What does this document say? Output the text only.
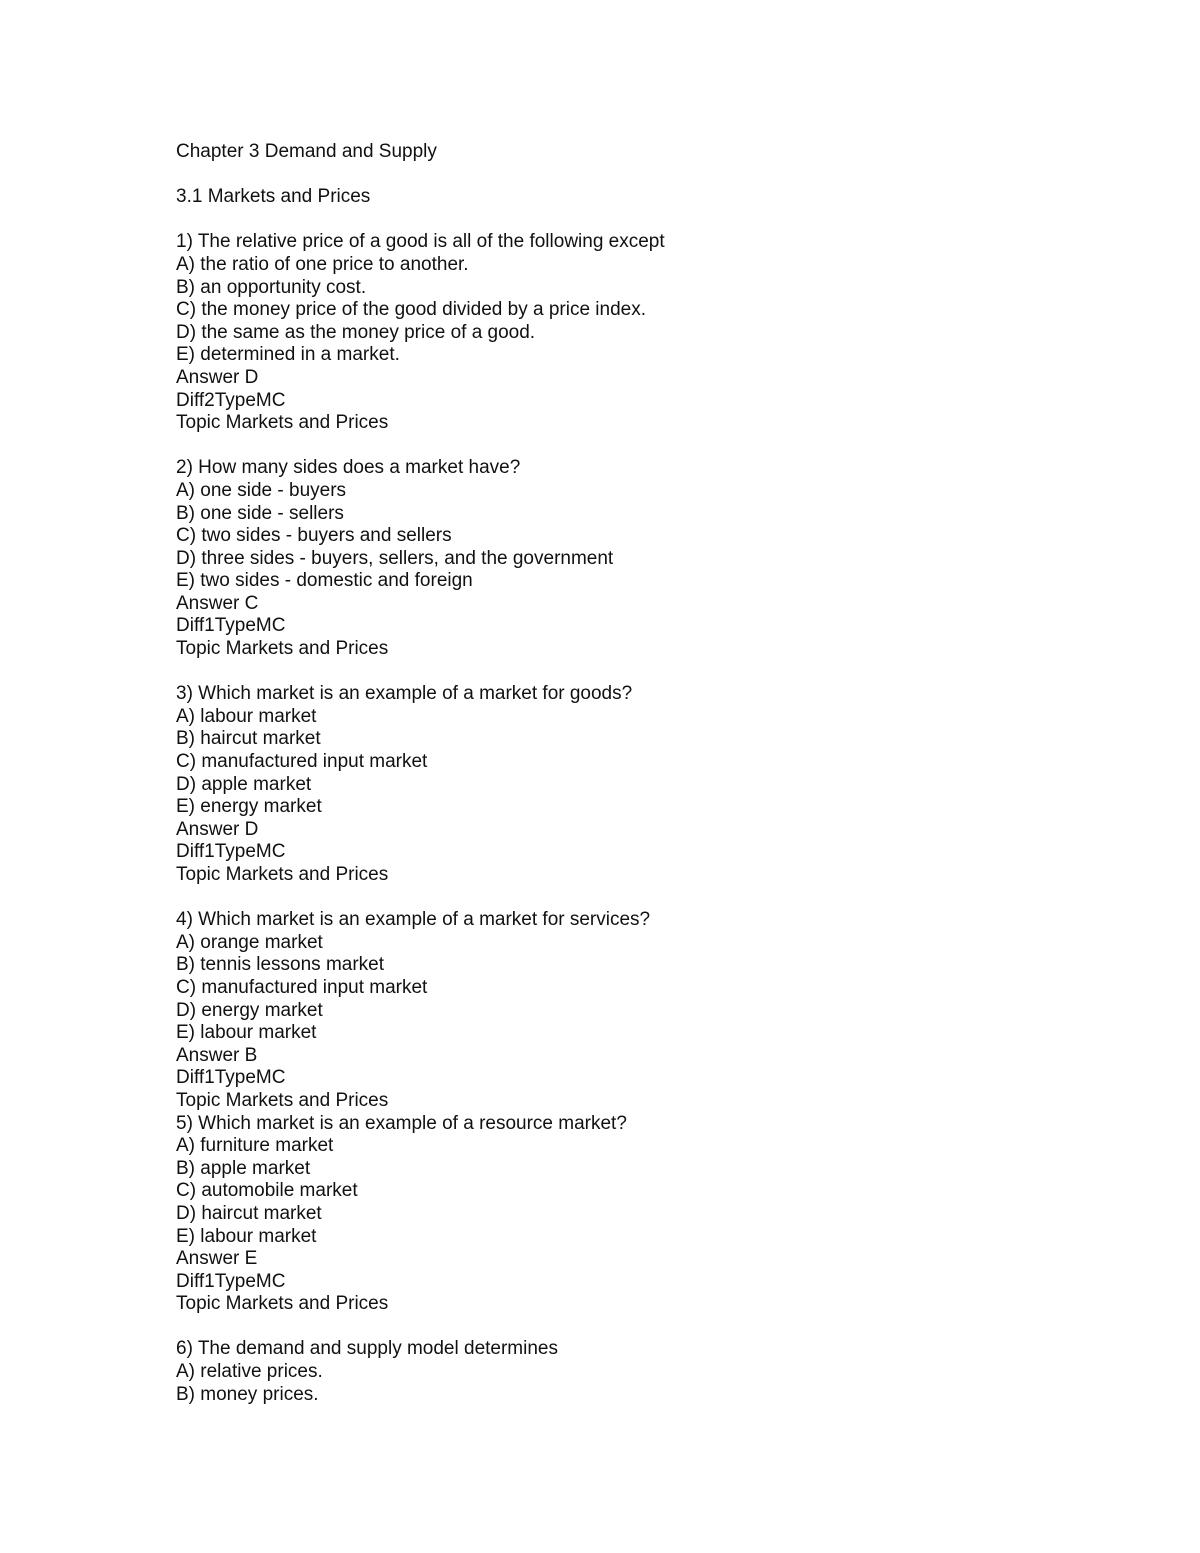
Chapter 3 Demand and Supply
3.1 Markets and Prices
1) The relative price of a good is all of the following except
A) the ratio of one price to another.
B) an opportunity cost.
C) the money price of the good divided by a price index.
D) the same as the money price of a good.
E) determined in a market.
Answer D
Diff2TypeMC
Topic Markets and Prices
2) How many sides does a market have?
A) one side - buyers
B) one side - sellers
C) two sides - buyers and sellers
D) three sides - buyers, sellers, and the government
E) two sides - domestic and foreign
Answer C
Diff1TypeMC
Topic Markets and Prices
3) Which market is an example of a market for goods?
A) labour market
B) haircut market
C) manufactured input market
D) apple market
E) energy market
Answer D
Diff1TypeMC
Topic Markets and Prices
4) Which market is an example of a market for services?
A) orange market
B) tennis lessons market
C) manufactured input market
D) energy market
E) labour market
Answer B
Diff1TypeMC
Topic Markets and Prices
5) Which market is an example of a resource market?
A) furniture market
B) apple market
C) automobile market
D) haircut market
E) labour market
Answer E
Diff1TypeMC
Topic Markets and Prices
6) The demand and supply model determines
A) relative prices.
B) money prices.
